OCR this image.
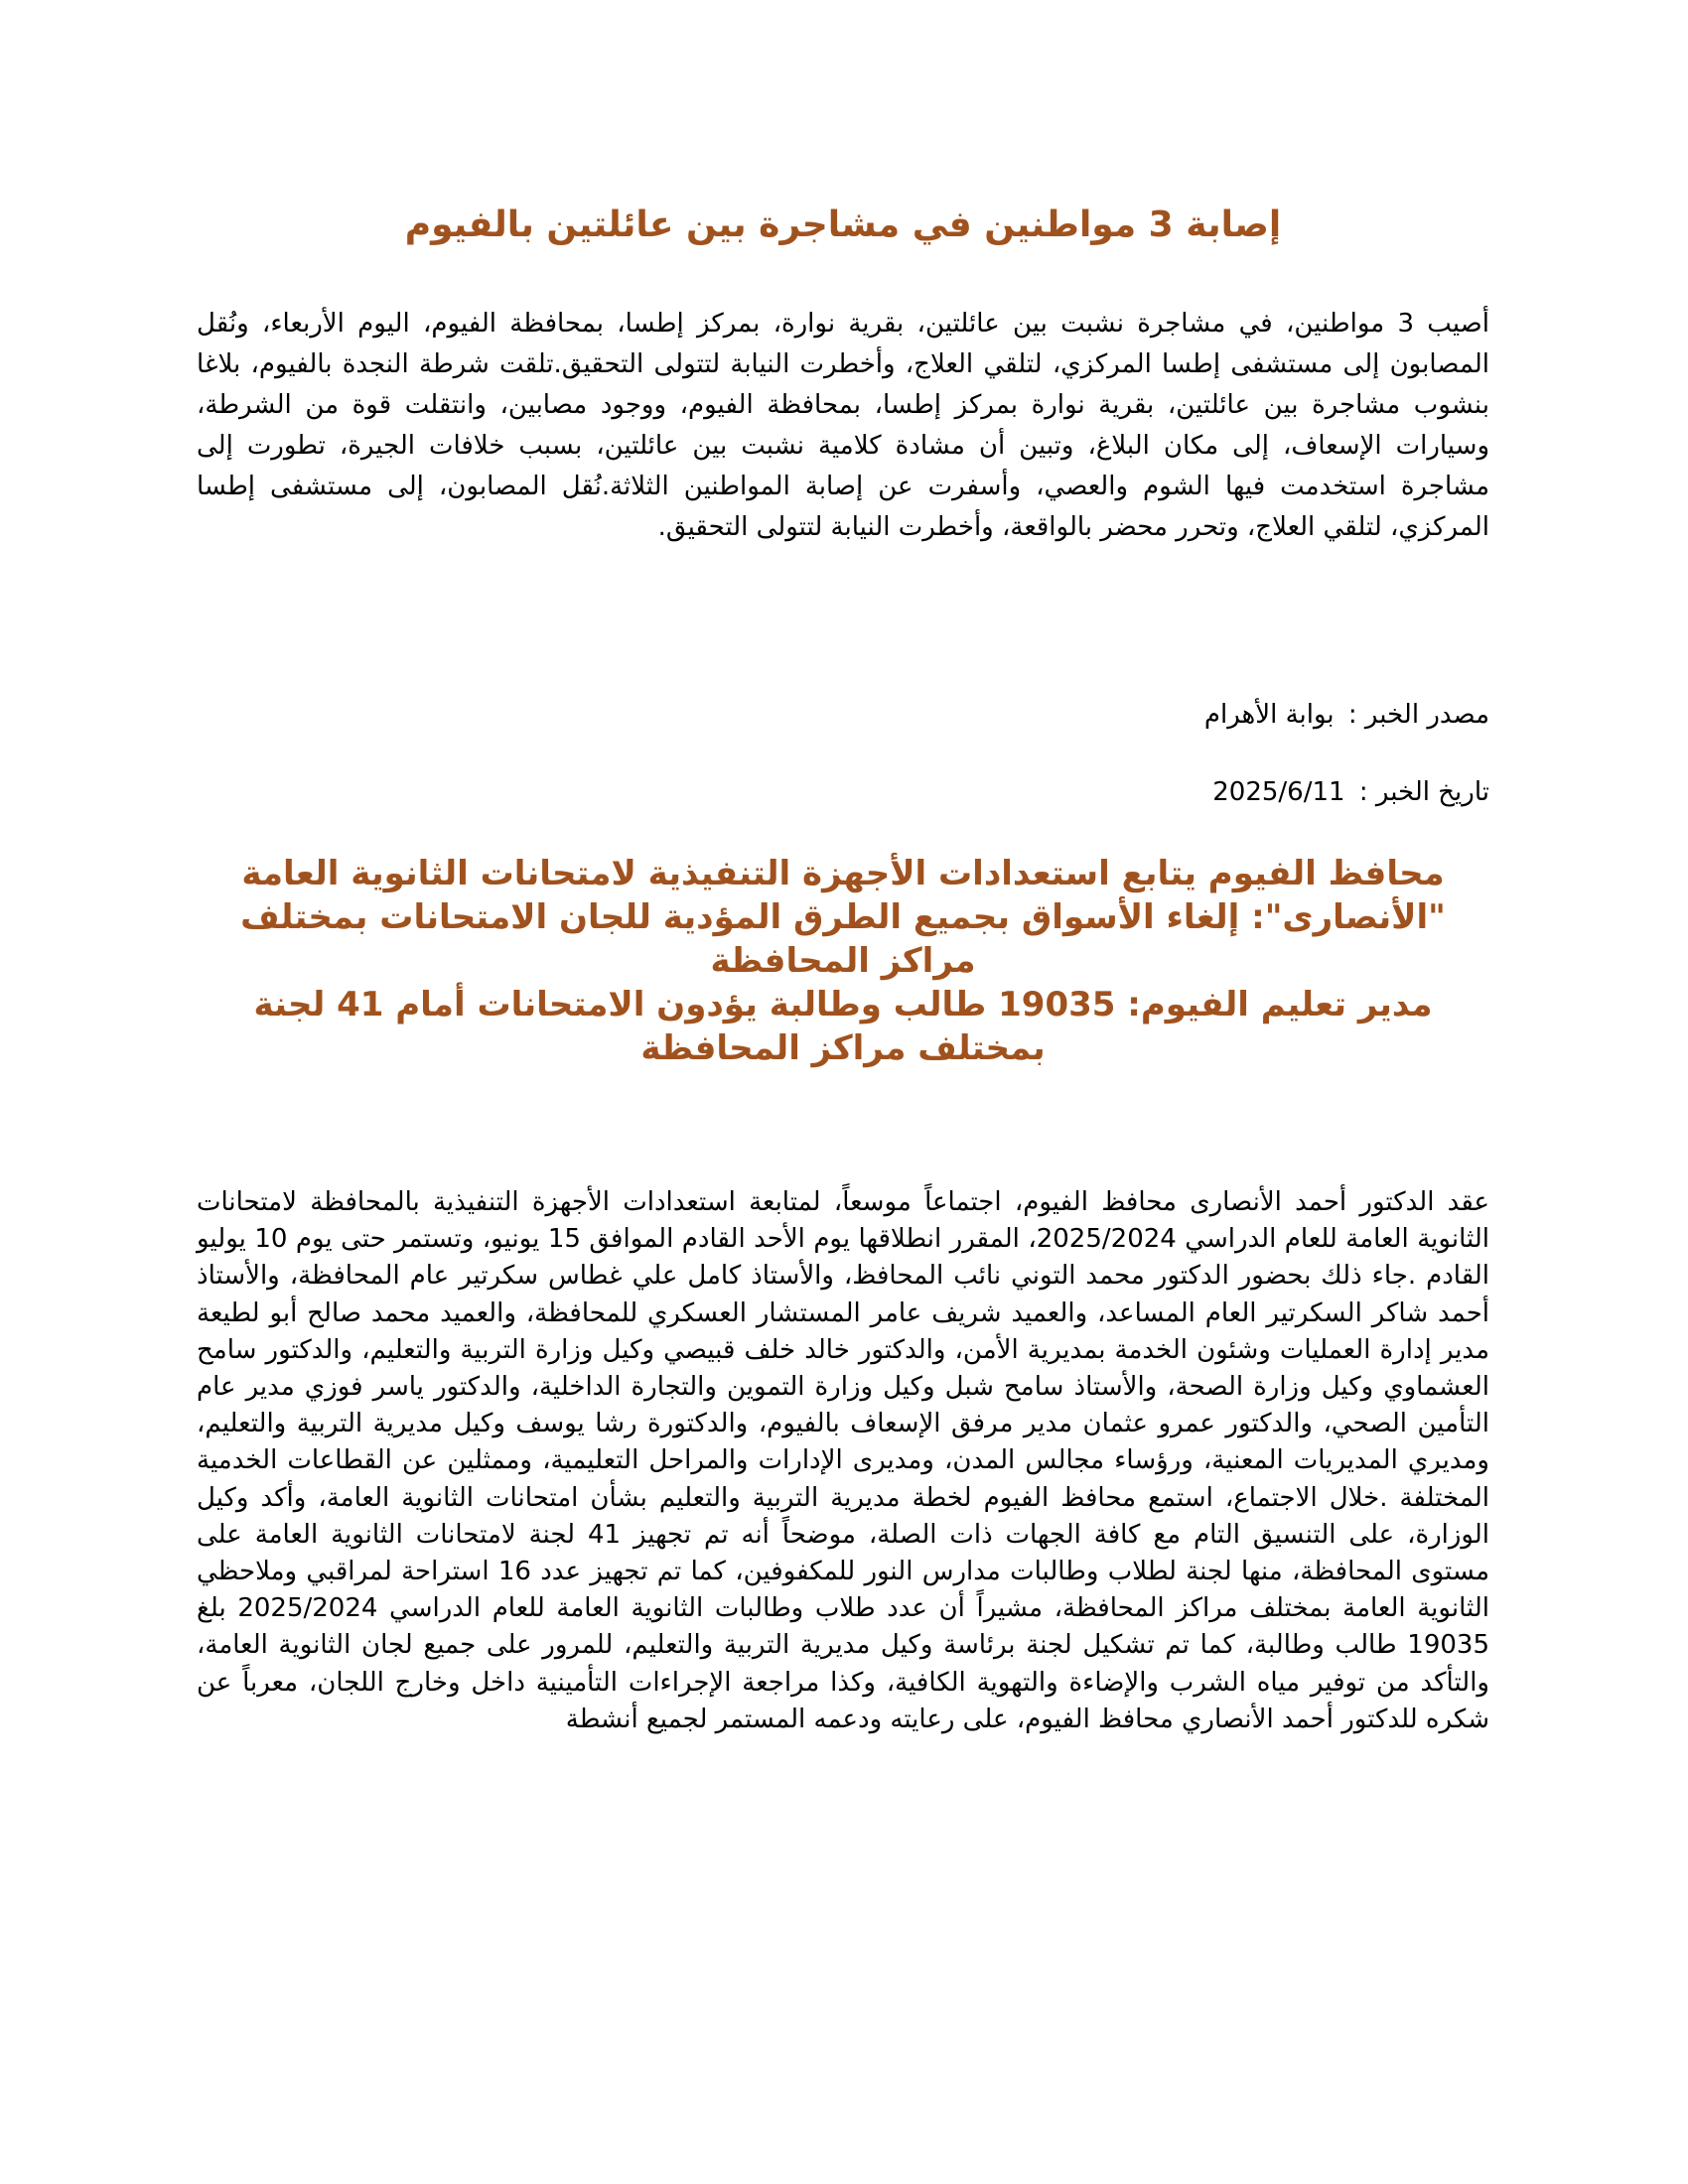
إصابة 3 مواطنين في مشاجرة بين عائلتين بالفيوم
أصيب 3 مواطنين، في مشاجرة نشبت بين عائلتين، بقرية نوارة، بمركز إطسا، بمحافظة الفيوم، اليوم الأربعاء، ونُقل المصابون إلى مستشفى إطسا المركزي، لتلقي العلاج، وأخطرت النيابة لتتولى التحقيق.تلقت شرطة النجدة بالفيوم، بلاغا بنشوب مشاجرة بين عائلتين، بقرية نوارة بمركز إطسا، بمحافظة الفيوم، ووجود مصابين، وانتقلت قوة من الشرطة، وسيارات الإسعاف، إلى مكان البلاغ، وتبين أن مشادة كلامية نشبت بين عائلتين، بسبب خلافات الجيرة، تطورت إلى مشاجرة استخدمت فيها الشوم والعصي، وأسفرت عن إصابة المواطنين الثلاثة.نُقل المصابون، إلى مستشفى إطسا المركزي، لتلقي العلاج، وتحرر محضر بالواقعة، وأخطرت النيابة لتتولى التحقيق.
مصدر الخبر : بوابة الأهرام
تاريخ الخبر : 2025/6/11
محافظ الفيوم يتابع استعدادات الأجهزة التنفيذية لامتحانات الثانوية العامة
"الأنصارى": إلغاء الأسواق بجميع الطرق المؤدية للجان الامتحانات بمختلف مراكز المحافظة
مدير تعليم الفيوم: 19035 طالب وطالبة يؤدون الامتحانات أمام 41 لجنة بمختلف مراكز المحافظة
عقد الدكتور أحمد الأنصارى محافظ الفيوم، اجتماعاً موسعاً، لمتابعة استعدادات الأجهزة التنفيذية بالمحافظة لامتحانات الثانوية العامة للعام الدراسي 2025/2024، المقرر انطلاقها يوم الأحد القادم الموافق 15 يونيو، وتستمر حتى يوم 10 يوليو القادم .جاء ذلك بحضور الدكتور محمد التوني نائب المحافظ، والأستاذ كامل علي غطاس سكرتير عام المحافظة، والأستاذ أحمد شاكر السكرتير العام المساعد، والعميد شريف عامر المستشار العسكري للمحافظة، والعميد محمد صالح أبو لطيعة مدير إدارة العمليات وشئون الخدمة بمديرية الأمن، والدكتور خالد خلف قبيصي وكيل وزارة التربية والتعليم، والدكتور سامح العشماوي وكيل وزارة الصحة، والأستاذ سامح شبل وكيل وزارة التموين والتجارة الداخلية، والدكتور ياسر فوزي مدير عام التأمين الصحي، والدكتور عمرو عثمان مدير مرفق الإسعاف بالفيوم، والدكتورة رشا يوسف وكيل مديرية التربية والتعليم، ومديري المديريات المعنية، ورؤساء مجالس المدن، ومديرى الإدارات والمراحل التعليمية، وممثلين عن القطاعات الخدمية المختلفة .خلال الاجتماع، استمع محافظ الفيوم لخطة مديرية التربية والتعليم بشأن امتحانات الثانوية العامة، وأكد وكيل الوزارة، على التنسيق التام مع كافة الجهات ذات الصلة، موضحاً أنه تم تجهيز 41 لجنة لامتحانات الثانوية العامة على مستوى المحافظة، منها لجنة لطلاب وطالبات مدارس النور للمكفوفين، كما تم تجهيز عدد 16 استراحة لمراقبي وملاحظي الثانوية العامة بمختلف مراكز المحافظة، مشيراً أن عدد طلاب وطالبات الثانوية العامة للعام الدراسي 2025/2024 بلغ 19035 طالب وطالبة، كما تم تشكيل لجنة برئاسة وكيل مديرية التربية والتعليم، للمرور على جميع لجان الثانوية العامة، والتأكد من توفير مياه الشرب والإضاءة والتهوية الكافية، وكذا مراجعة الإجراءات التأمينية داخل وخارج اللجان، معرباً عن شكره للدكتور أحمد الأنصاري محافظ الفيوم، على رعايته ودعمه المستمر لجميع أنشطة
